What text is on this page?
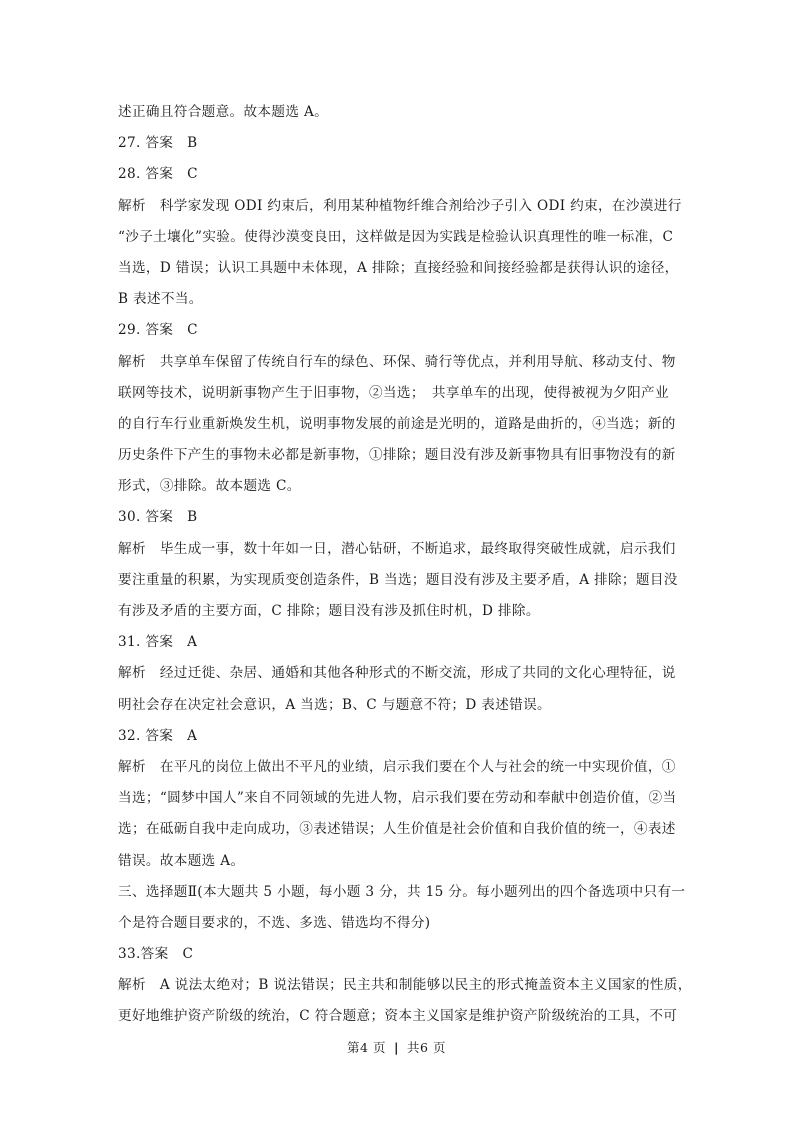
述正确且符合题意。故本题选 A。
27. 答案　B
28. 答案　C
解析　科学家发现 ODI 约束后，利用某种植物纤维合剂给沙子引入 ODI 约束，在沙漠进行
“沙子土壤化”实验。使得沙漠变良田，这样做是因为实践是检验认识真理性的唯一标准，C
当选，D 错误；认识工具题中未体现，A 排除；直接经验和间接经验都是获得认识的途径，
B 表述不当。
29. 答案　C
解析　共享单车保留了传统自行车的绿色、环保、骑行等优点，并利用导航、移动支付、物
联网等技术，说明新事物产生于旧事物，②当选；　共享单车的出现，使得被视为夕阳产业
的自行车行业重新焕发生机，说明事物发展的前途是光明的，道路是曲折的，④当选；新的
历史条件下产生的事物未必都是新事物，①排除；题目没有涉及新事物具有旧事物没有的新
形式，③排除。故本题选 C。
30. 答案　B
解析　毕生成一事，数十年如一日，潜心钻研，不断追求，最终取得突破性成就，启示我们
要注重量的积累，为实现质变创造条件，B 当选；题目没有涉及主要矛盾，A 排除；题目没
有涉及矛盾的主要方面，C 排除；题目没有涉及抓住时机，D 排除。
31. 答案　A
解析　经过迁徙、杂居、通婚和其他各种形式的不断交流，形成了共同的文化心理特征，说
明社会存在决定社会意识，A 当选；B、C 与题意不符；D 表述错误。
32. 答案　A
解析　在平凡的岗位上做出不平凡的业绩，启示我们要在个人与社会的统一中实现价值，①
当选；“圆梦中国人”来自不同领域的先进人物，启示我们要在劳动和奉献中创造价值，②当
选；在砥砺自我中走向成功，③表述错误；人生价值是社会价值和自我价值的统一，④表述
错误。故本题选 A。
三、选择题Ⅱ(本大题共 5 小题，每小题 3 分，共 15 分。每小题列出的四个备选项中只有一
个是符合题目要求的，不选、多选、错选均不得分)
33.答案　C
解析　A 说法太绝对；B 说法错误；民主共和制能够以民主的形式掩盖资本主义国家的性质，
更好地维护资产阶级的统治，C 符合题意；资本主义国家是维护资产阶级统治的工具，不可
第4 页 | 共6 页
